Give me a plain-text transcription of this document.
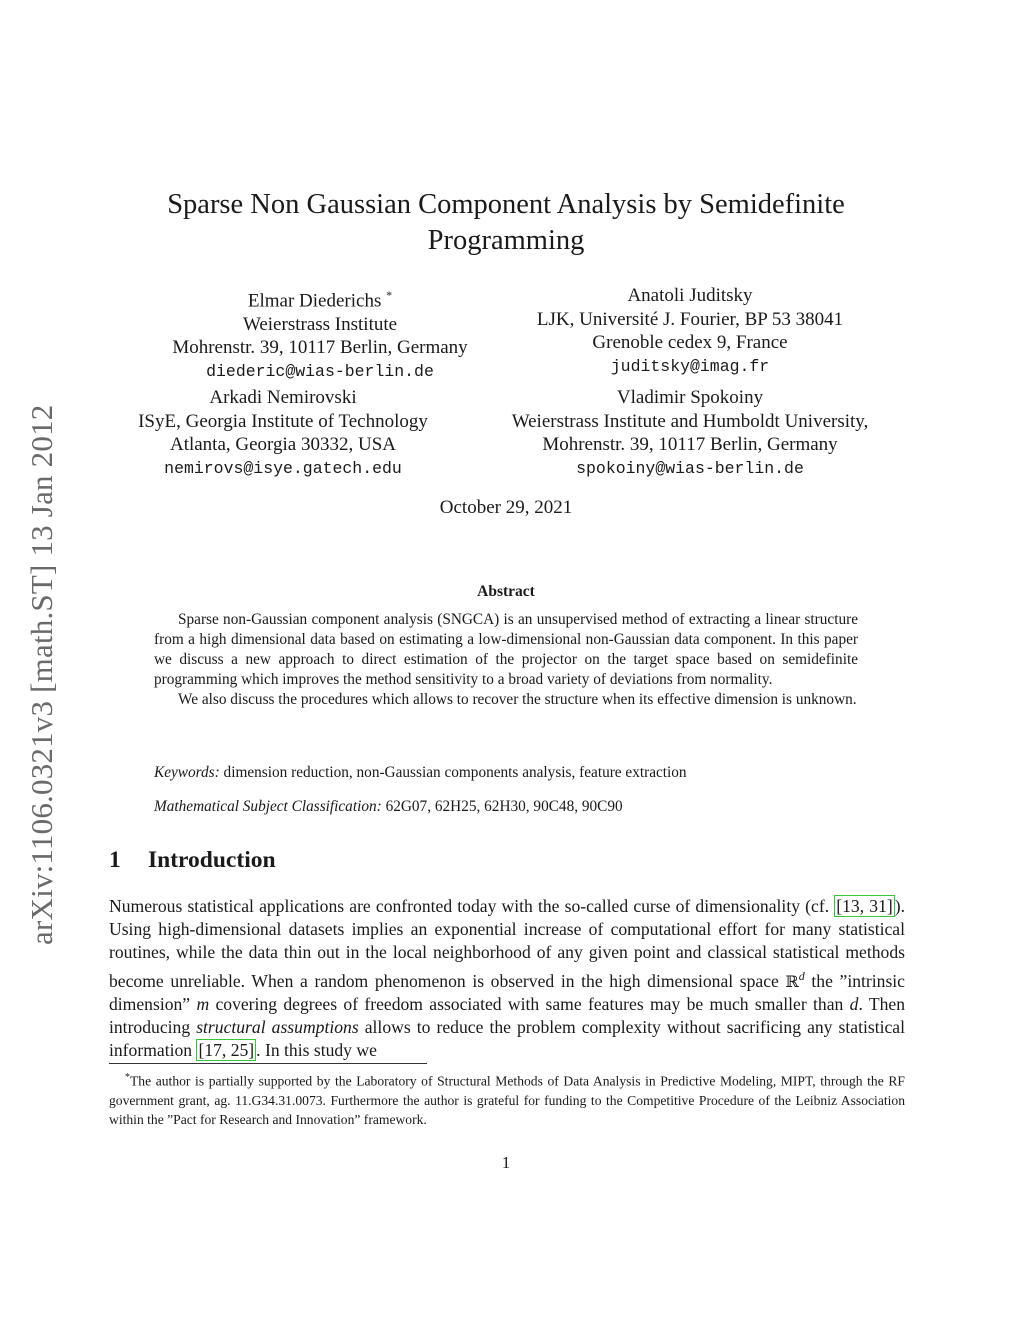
arXiv:1106.0321v3 [math.ST] 13 Jan 2012
Sparse Non Gaussian Component Analysis by Semidefinite
Programming
Elmar Diederichs *
Weierstrass Institute
Mohrenstr. 39, 10117 Berlin, Germany
diederic@wias-berlin.de
Anatoli Juditsky
LJK, Université J. Fourier, BP 53 38041
Grenoble cedex 9, France
juditsky@imag.fr
Arkadi Nemirovski
ISyE, Georgia Institute of Technology
Atlanta, Georgia 30332, USA
nemirovs@isye.gatech.edu
Vladimir Spokoiny
Weierstrass Institute and Humboldt University,
Mohrenstr. 39, 10117 Berlin, Germany
spokoiny@wias-berlin.de
October 29, 2021
Abstract

Sparse non-Gaussian component analysis (SNGCA) is an unsupervised method of extracting a linear structure from a high dimensional data based on estimating a low-dimensional non-Gaussian data component. In this paper we discuss a new approach to direct estimation of the projector on the target space based on semidefinite programming which improves the method sensitivity to a broad variety of deviations from normality.

We also discuss the procedures which allows to recover the structure when its effective dimension is unknown.

Keywords: dimension reduction, non-Gaussian components analysis, feature extraction
Mathematical Subject Classification: 62G07, 62H25, 62H30, 90C48, 90C90
1 Introduction

Numerous statistical applications are confronted today with the so-called curse of dimensionality (cf. [13, 31] ). Using high-dimensional datasets implies an exponential increase of computational effort for many statistical routines, while the data thin out in the local neighborhood of any given point and classical statistical methods become unreliable. When a random phenomenon is observed in the high dimensional space ℝ$^d$ the ”intrinsic dimension” m covering degrees of freedom associated with same features may be much smaller than d. Then introducing structural assumptions allows to reduce the problem complexity without sacrificing any statistical information [17, 25] . In this study we

*The author is partially supported by the Laboratory of Structural Methods of Data Analysis in Predictive Modeling, MIPT, through the RF government grant, ag. 11.G34.31.0073. Furthermore the author is grateful for funding to the Competitive Procedure of the Leibniz Association within the ”Pact for Research and Innovation” framework.

1
